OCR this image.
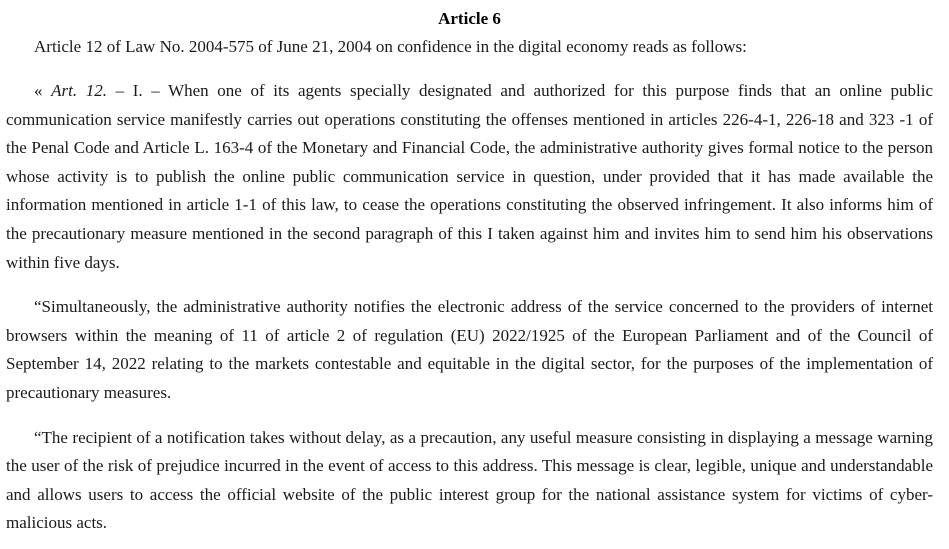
Article 6

Article 12 of Law No. 2004-575 of June 21, 2004 on confidence in the digital economy reads as follows:

« Art. 12. – I. – When one of its agents specially designated and authorized for this purpose finds that an online public communication service manifestly carries out operations constituting the offenses mentioned in articles 226-4-1, 226-18 and 323 -1 of the Penal Code and Article L. 163-4 of the Monetary and Financial Code, the administrative authority gives formal notice to the person whose activity is to publish the online public communication service in question, under provided that it has made available the information mentioned in article 1-1 of this law, to cease the operations constituting the observed infringement. It also informs him of the precautionary measure mentioned in the second paragraph of this I taken against him and invites him to send him his observations within five days.

“Simultaneously, the administrative authority notifies the electronic address of the service concerned to the providers of internet browsers within the meaning of 11 of article 2 of regulation (EU) 2022/1925 of the European Parliament and of the Council of September 14, 2022 relating to the markets contestable and equitable in the digital sector, for the purposes of the implementation of precautionary measures.

“The recipient of a notification takes without delay, as a precaution, any useful measure consisting in displaying a message warning the user of the risk of prejudice incurred in the event of access to this address. This message is clear, legible, unique and understandable and allows users to access the official website of the public interest group for the national assistance system for victims of cyber-malicious acts.
